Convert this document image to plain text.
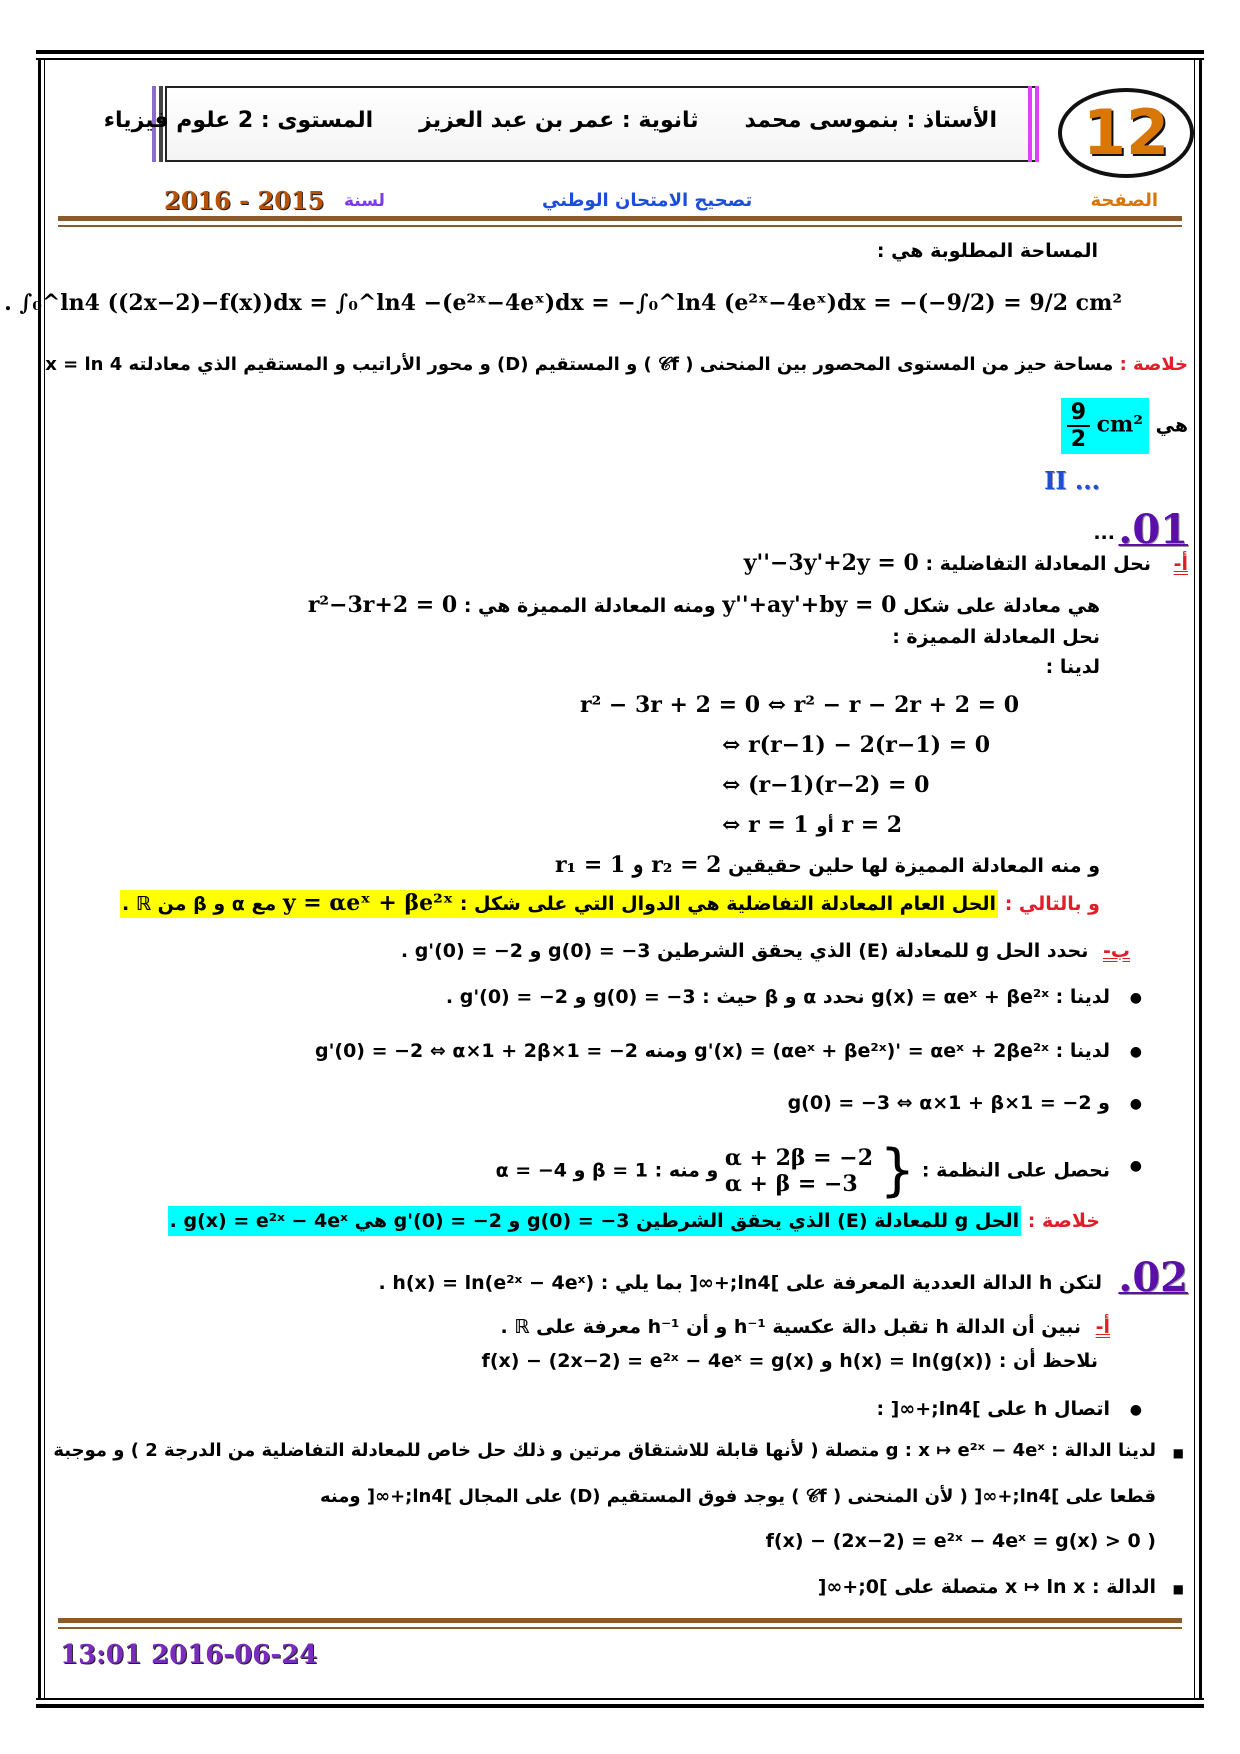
الأستاذ : بنموسى محمد      ثانوية : عمر بن عبد العزيز      المستوى : 2 علوم فيزياء	12
الصفحة
تصحيح الامتحان الوطني
لسنة
2016 - 2015
المساحة المطلوبة هي :
. ∫₀^ln4 ((2x−2)−f(x))dx = ∫₀^ln4 −(e²ˣ−4eˣ)dx = −∫₀^ln4 (e²ˣ−4eˣ)dx = −(−9/2) = 9/2 cm²
خلاصة : مساحة حيز من المستوى المحصور بين المنحنى ( 𝒞f ) و المستقيم (D) و محور الأراتيب و المستقيم الذي معادلته x = ln 4
هي
$\frac{9}{2} cm^2$
II ...
.01
...
أ- نحل المعادلة التفاضلية : y''−3y'+2y = 0
هي معادلة على شكل y''+ay'+by = 0 ومنه المعادلة المميزة هي : r²−3r+2 = 0
نحل المعادلة المميزة :
لدينا :
r² − 3r + 2 = 0 ⇔ r² − r − 2r + 2 = 0
⇔ r(r−1) − 2(r−1) = 0
⇔ (r−1)(r−2) = 0
⇔ r = 1 أو r = 2
و منه المعادلة المميزة لها حلين حقيقين r₁ = 1 و r₂ = 2
و بالتالي : الحل العام المعادلة التفاضلية هي الدوال التي على شكل : y = αeˣ + βe²ˣ مع α و β من ℝ .
ب- نحدد الحل g للمعادلة (E) الذي يحقق الشرطين g(0) = −3 و g'(0) = −2 .
●
لدينا : g(x) = αeˣ + βe²ˣ نحدد α و β حيث : g(0) = −3 و g'(0) = −2 .
●
لدينا : g'(x) = (αeˣ + βe²ˣ)' = αeˣ + 2βe²ˣ ومنه g'(0) = −2 ⇔ α×1 + 2β×1 = −2
●
و g(0) = −3 ⇔ α×1 + β×1 = −2
●
نحصل على النظمة : {
α + 2β = −2
α + β = −3
و منه : β = 1 و α = −4
خلاصة : الحل g للمعادلة (E) الذي يحقق الشرطين g(0) = −3 و g'(0) = −2 هي g(x) = e²ˣ − 4eˣ .
.02
لتكن h الدالة العددية المعرفة على ]ln4;+∞[ بما يلي : h(x) = ln(e²ˣ − 4eˣ) .
أ- نبين أن الدالة h تقبل دالة عكسية h⁻¹ و أن h⁻¹ معرفة على ℝ .
نلاحظ أن : h(x) = ln(g(x)) و f(x) − (2x−2) = e²ˣ − 4eˣ = g(x)
●
اتصال h على ]ln4;+∞[ :
■
لدينا الدالة : g : x ↦ e²ˣ − 4eˣ متصلة ( لأنها قابلة للاشتقاق مرتين و ذلك حل خاص للمعادلة التفاضلية من الدرجة 2 ) و موجبة
قطعا على ]ln4;+∞[ ( لأن المنحنى ( 𝒞f ) يوجد فوق المستقيم (D) على المجال ]ln4;+∞[ ومنه
( f(x) − (2x−2) = e²ˣ − 4eˣ = g(x) > 0
■
الدالة : x ↦ ln x متصلة على ]0;+∞[
13:01 2016-06-24
